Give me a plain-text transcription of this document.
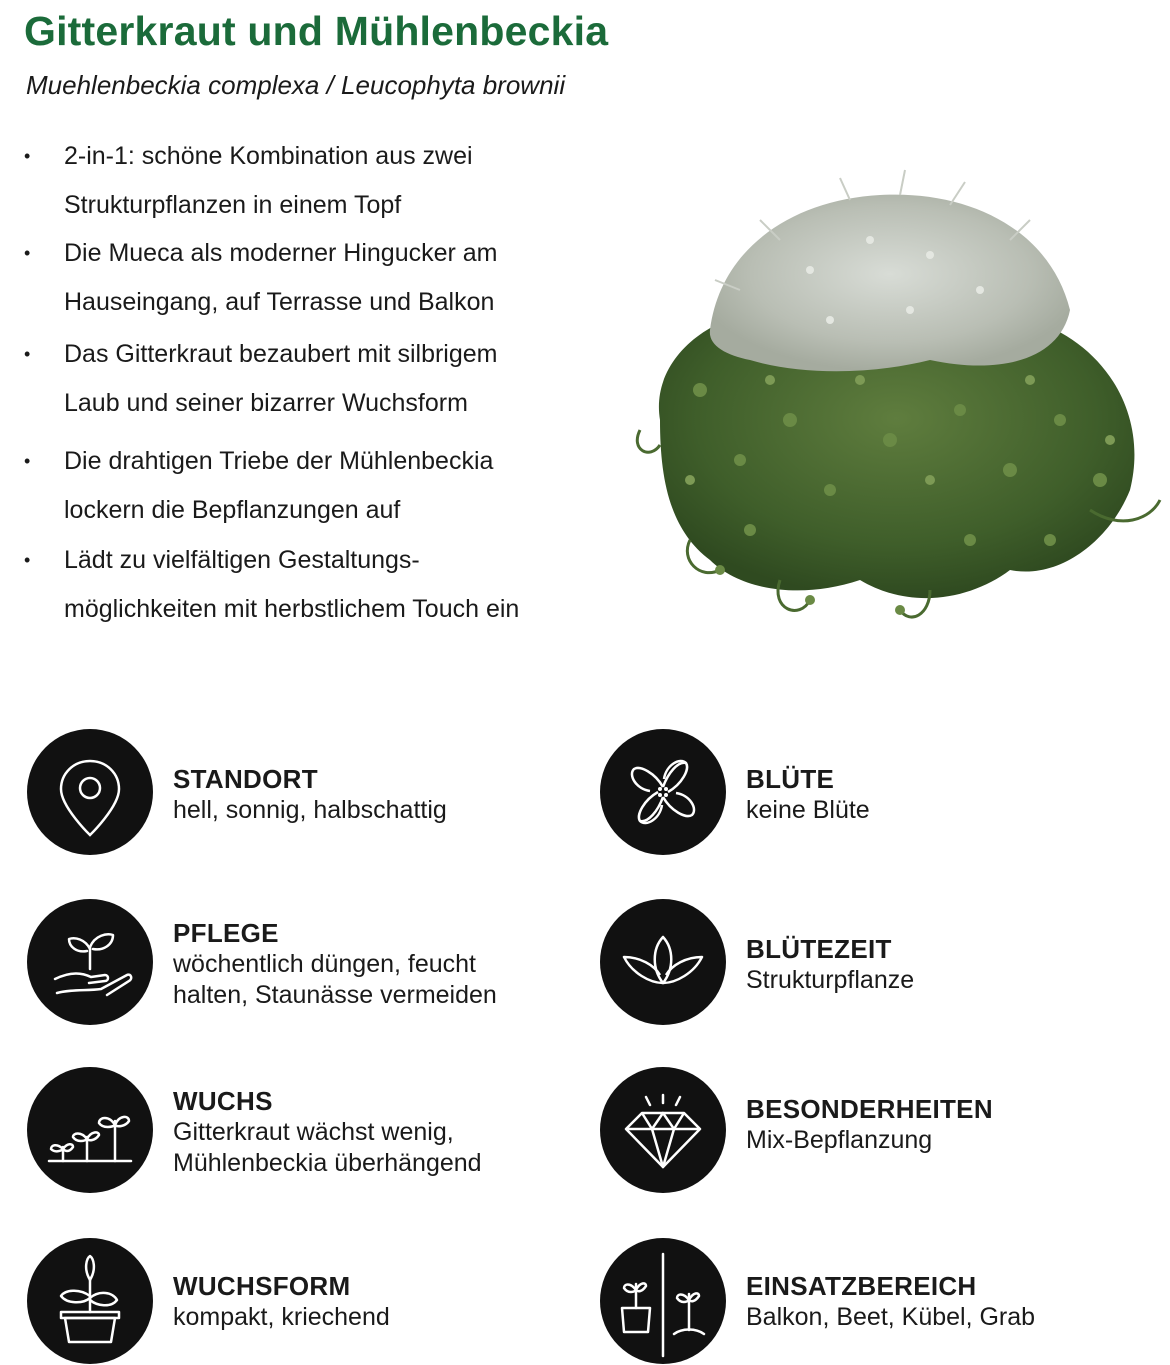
Gitterkraut und Mühlenbeckia
Muehlenbeckia complexa / Leucophyta brownii
• 2-in-1: schöne Kombination aus zwei
Strukturpflanzen in einem Topf
• Die Mueca als moderner Hingucker am
Hauseingang, auf Terrasse und Balkon
• Das Gitterkraut bezaubert mit silbrigem
Laub und seiner bizarrer Wuchsform
• Die drahtigen Triebe der Mühlenbeckia
lockern die Bepflanzungen auf
• Lädt zu vielfältigen Gestaltungs-
möglichkeiten mit herbstlichem Touch ein
STANDORT
hell, sonnig, halbschattig
BLÜTE
keine Blüte
PFLEGE
wöchentlich düngen, feucht
halten, Staunässe vermeiden
BLÜTEZEIT
Strukturpflanze
WUCHS
Gitterkraut wächst wenig,
Mühlenbeckia überhängend
BESONDERHEITEN
Mix-Bepflanzung
WUCHSFORM
kompakt, kriechend
EINSATZBEREICH
Balkon, Beet, Kübel, Grab
